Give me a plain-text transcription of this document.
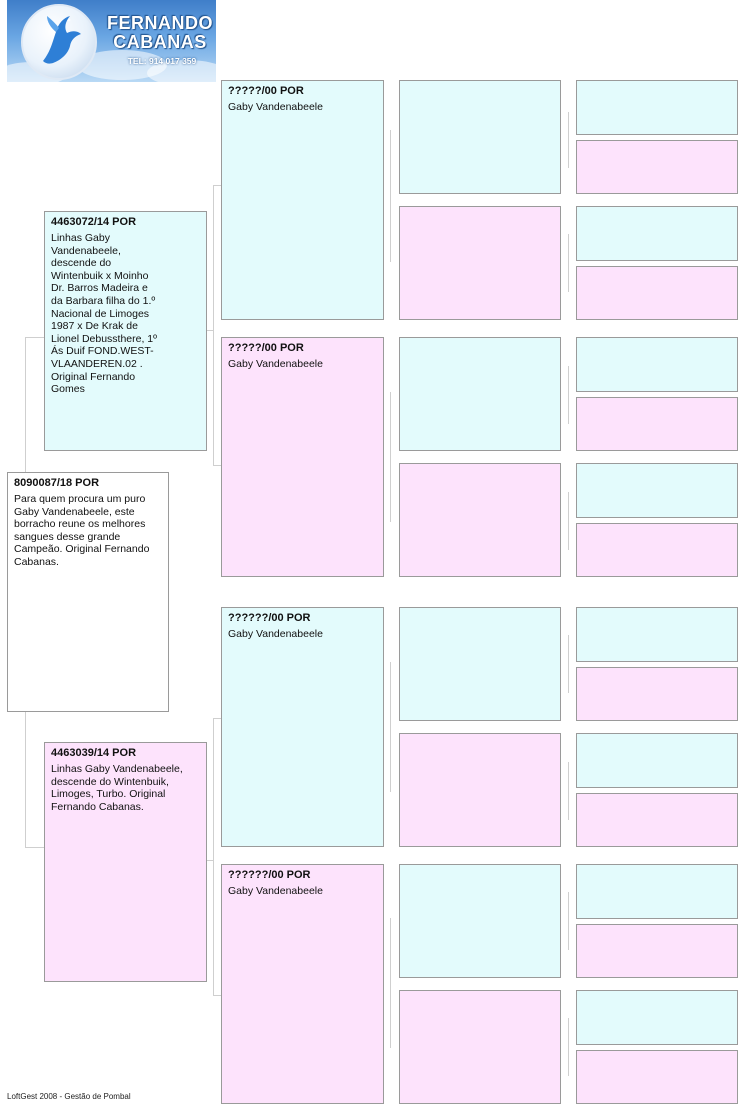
FERNANDO
CABANAS
TEL: 914 017 359
8090087/18 POR
Para quem procura um puro Gaby Vandenabeele, este borracho reune os melhores sangues desse grande Campeão. Original Fernando Cabanas.
4463072/14 POR
Linhas Gaby Vandenabeele, descende do Wintenbuik x Moinho Dr. Barros Madeira e da Barbara filha do 1.º Nacional de Limoges 1987 x De Krak de Lionel Debussthere, 1º Ás Duif FOND.WEST-VLAANDEREN.02 . Original Fernando Gomes
4463039/14 POR
Linhas Gaby Vandenabeele, descende do Wintenbuik, Limoges, Turbo. Original Fernando Cabanas.
?????/00 POR
Gaby Vandenabeele
?????/00 POR
Gaby Vandenabeele
??????/00 POR
Gaby Vandenabeele
??????/00 POR
Gaby Vandenabeele
LoftGest 2008 - Gestão de Pombal
